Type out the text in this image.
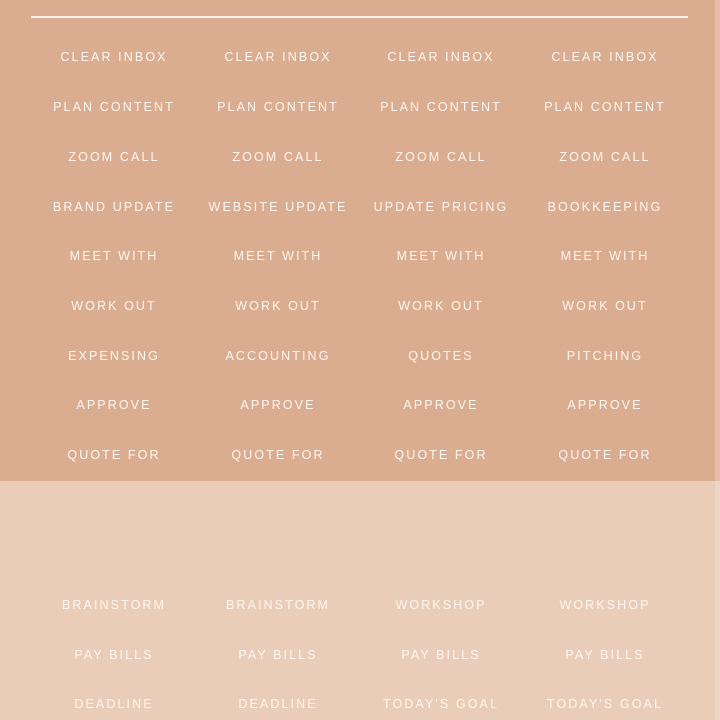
CLEAR INBOX	CLEAR INBOX	CLEAR INBOX	CLEAR INBOX
PLAN CONTENT	PLAN CONTENT	PLAN CONTENT	PLAN CONTENT
ZOOM CALL	ZOOM CALL	ZOOM CALL	ZOOM CALL
BRAND UPDATE	WEBSITE UPDATE	UPDATE PRICING	BOOKKEEPING
MEET WITH	MEET WITH	MEET WITH	MEET WITH
WORK OUT	WORK OUT	WORK OUT	WORK OUT
EXPENSING	ACCOUNTING	QUOTES	PITCHING
APPROVE	APPROVE	APPROVE	APPROVE
QUOTE FOR	QUOTE FOR	QUOTE FOR	QUOTE FOR
BRAINSTORM	BRAINSTORM	WORKSHOP	WORKSHOP
PAY BILLS	PAY BILLS	PAY BILLS	PAY BILLS
DEADLINE	DEADLINE	TODAY'S GOAL	TODAY'S GOAL
